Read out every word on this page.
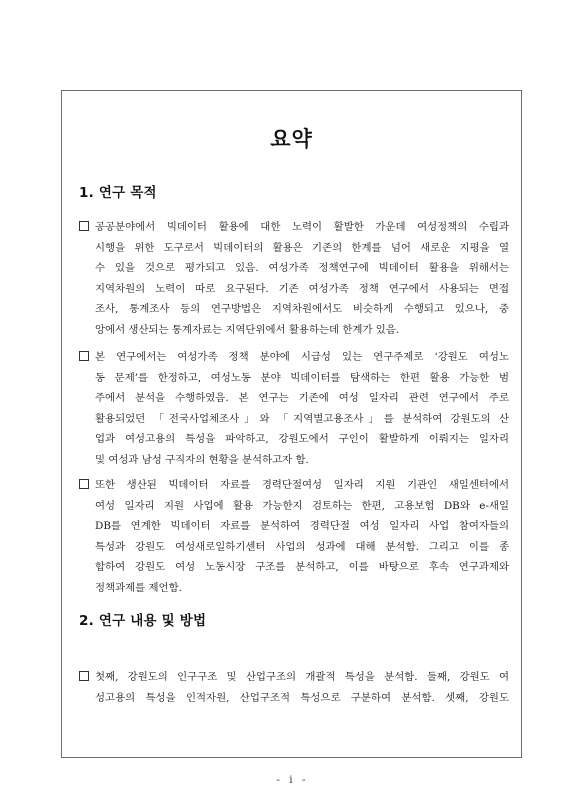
요약
1. 연구 목적
공공분야에서 빅데이터 활용에 대한 노력이 활발한 가운데 여성정책의 수립과
시행을 위한 도구로서 빅데이터의 활용은 기존의 한계를 넘어 새로운 지평을 열
수 있을 것으로 평가되고 있음. 여성가족 정책연구에 빅데이터 활용을 위해서는
지역차원의 노력이 따로 요구된다. 기존 여성가족 정책 연구에서 사용되는 면접
조사, 통계조사 등의 연구방법은 지역차원에서도 비슷하게 수행되고 있으나, 중
앙에서 생산되는 통계자료는 지역단위에서 활용하는데 한계가 있음.
본 연구에서는 여성가족 정책 분야에 시급성 있는 연구주제로 ‘강원도 여성노
동 문제’를 한정하고, 여성노동 분야 빅데이터를 탐색하는 한편 활용 가능한 범
주에서 분석을 수행하였음. 본 연구는 기존에 여성 일자리 관련 연구에서 주로
활용되었던 「전국사업체조사」와 「지역별고용조사」를 분석하여 강원도의 산
업과 여성고용의 특성을 파악하고, 강원도에서 구인이 활발하게 이뤄지는 일자리
및 여성과 남성 구직자의 현황을 분석하고자 함.
또한 생산된 빅데이터 자료를 경력단절여성 일자리 지원 기관인 새일센터에서
여성 일자리 지원 사업에 활용 가능한지 검토하는 한편, 고용보험 DB와 e-새일
DB를 연계한 빅데이터 자료를 분석하여 경력단절 여성 일자리 사업 참여자들의
특성과 강원도 여성새로일하기센터 사업의 성과에 대해 분석함. 그리고 이를 종
합하여 강원도 여성 노동시장 구조를 분석하고, 이를 바탕으로 후속 연구과제와
정책과제를 제언함.
2. 연구 내용 및 방법
첫째, 강원도의 인구구조 및 산업구조의 개괄적 특성을 분석함. 둘째, 강원도 여
성고용의 특성을 인적자원, 산업구조적 특성으로 구분하여 분석함. 셋째, 강원도
- i -
